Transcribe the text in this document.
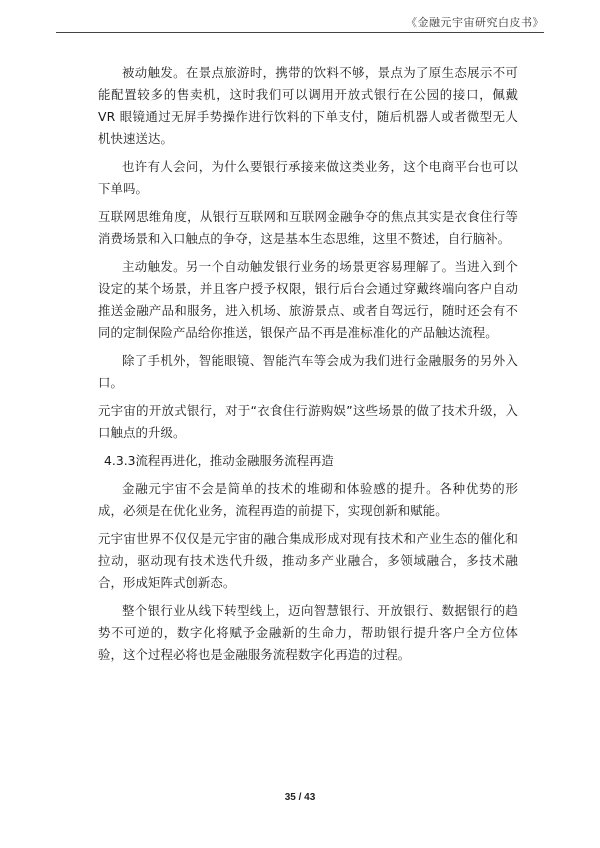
《金融元宇宙研究白皮书》

被动触发。在景点旅游时，携带的饮料不够，景点为了原生态展示不可能配置较多的售卖机，这时我们可以调用开放式银行在公园的接口，佩戴 VR 眼镜通过无屏手势操作进行饮料的下单支付，随后机器人或者微型无人机快速送达。

也许有人会问，为什么要银行承接来做这类业务，这个电商平台也可以下单吗。

互联网思维角度，从银行互联网和互联网金融争夺的焦点其实是衣食住行等消费场景和入口触点的争夺，这是基本生态思维，这里不赘述，自行脑补。

主动触发。另一个自动触发银行业务的场景更容易理解了。当进入到个设定的某个场景，并且客户授予权限，银行后台会通过穿戴终端向客户自动推送金融产品和服务，进入机场、旅游景点、或者自驾远行，随时还会有不同的定制保险产品给你推送，银保产品不再是准标准化的产品触达流程。

除了手机外，智能眼镜、智能汽车等会成为我们进行金融服务的另外入口。

元宇宙的开放式银行，对于“衣食住行游购娱”这些场景的做了技术升级，入口触点的升级。

4.3.3流程再进化，推动金融服务流程再造

金融元宇宙不会是简单的技术的堆砌和体验感的提升。各种优势的形成，必须是在优化业务，流程再造的前提下，实现创新和赋能。

元宇宙世界不仅仅是元宇宙的融合集成形成对现有技术和产业生态的催化和拉动，驱动现有技术迭代升级，推动多产业融合，多领域融合，多技术融合，形成矩阵式创新态。

整个银行业从线下转型线上，迈向智慧银行、开放银行、数据银行的趋势不可逆的，数字化将赋予金融新的生命力，帮助银行提升客户全方位体验，这个过程必将也是金融服务流程数字化再造的过程。

35 / 43
